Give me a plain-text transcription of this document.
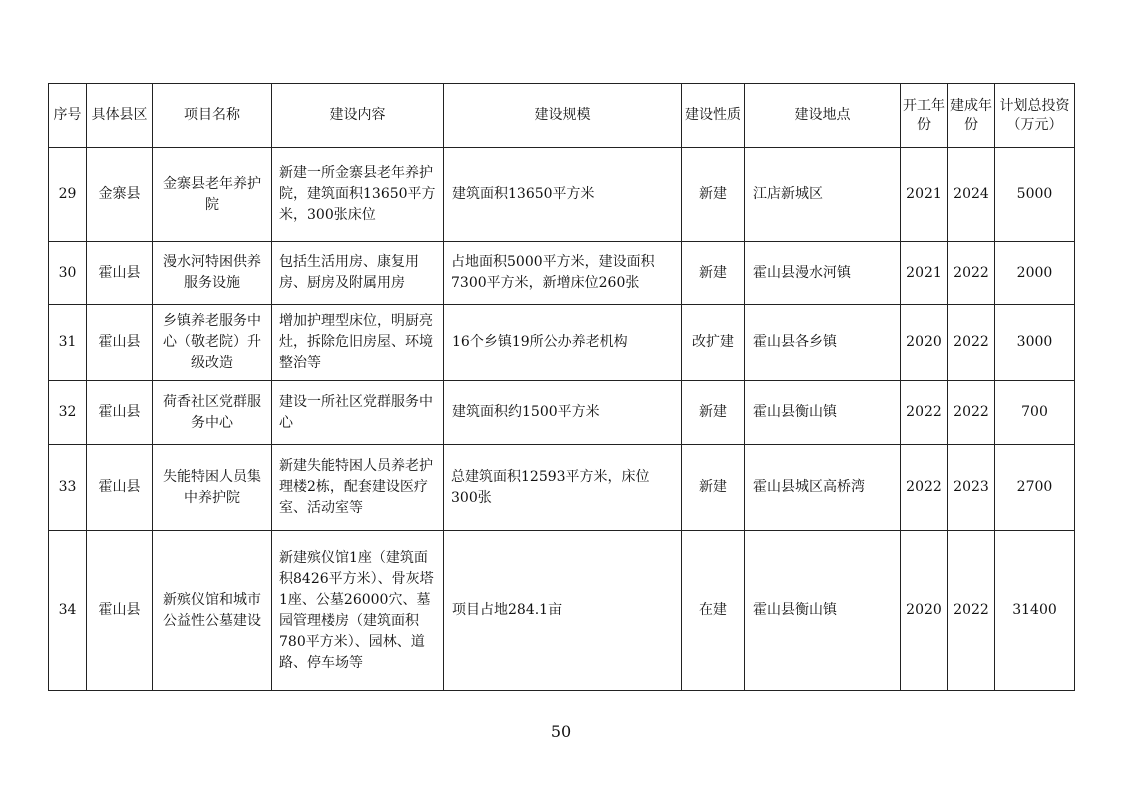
序号	具体县区	项目名称	建设内容	建设规模	建设性质	建设地点	开工年份	建成年份	计划总投资（万元）
29	金寨县	金寨县老年养护院	新建一所金寨县老年养护院，建筑面积13650平方米，300张床位	建筑面积13650平方米	新建	江店新城区	2021	2024	5000
30	霍山县	漫水河特困供养服务设施	包括生活用房、康复用房、厨房及附属用房	占地面积5000平方米，建设面积7300平方米，新增床位260张	新建	霍山县漫水河镇	2021	2022	2000
31	霍山县	乡镇养老服务中心（敬老院）升级改造	增加护理型床位，明厨亮灶，拆除危旧房屋、环境整治等	16个乡镇19所公办养老机构	改扩建	霍山县各乡镇	2020	2022	3000
32	霍山县	荷香社区党群服务中心	建设一所社区党群服务中心	建筑面积约1500平方米	新建	霍山县衡山镇	2022	2022	700
33	霍山县	失能特困人员集中养护院	新建失能特困人员养老护理楼2栋，配套建设医疗室、活动室等	总建筑面积12593平方米，床位300张	新建	霍山县城区高桥湾	2022	2023	2700
34	霍山县	新殡仪馆和城市公益性公墓建设	新建殡仪馆1座（建筑面积8426平方米）、骨灰塔1座、公墓26000穴、墓园管理楼房（建筑面积780平方米）、园林、道路、停车场等	项目占地284.1亩	在建	霍山县衡山镇	2020	2022	31400
50
